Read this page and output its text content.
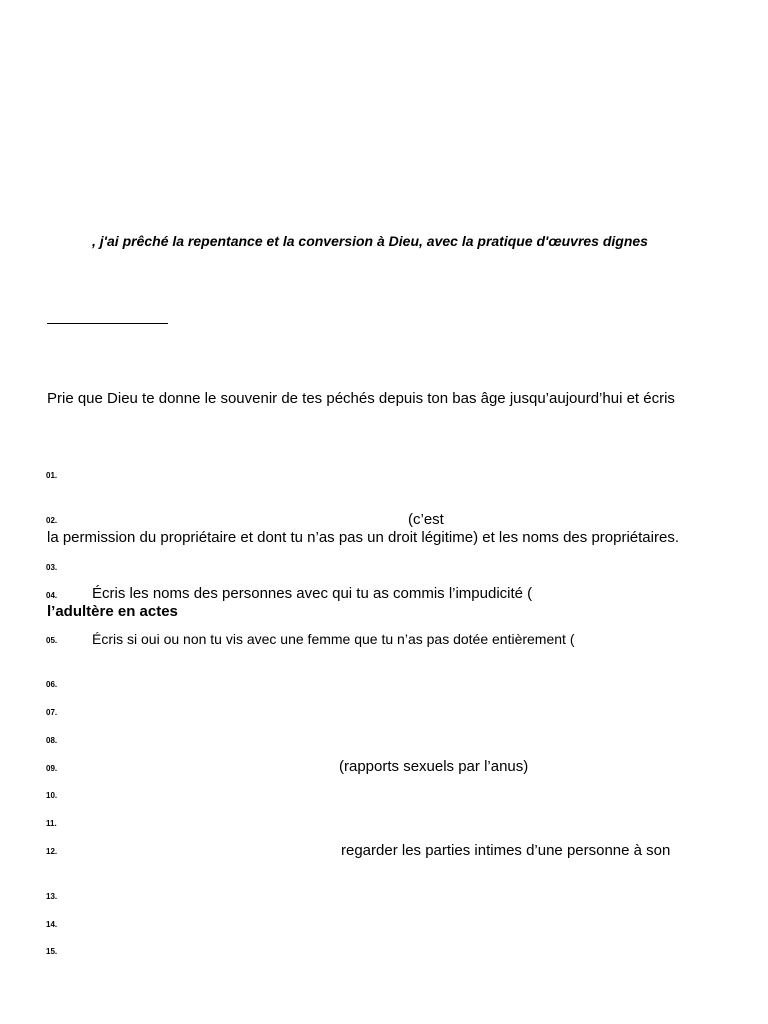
, j'ai prêché la repentance et la conversion à Dieu, avec la pratique d'œuvres dignes
Prie que Dieu te donne le souvenir de tes péchés depuis ton bas âge jusqu’aujourd’hui et écris
01.
02.	(c’est
la permission du propriétaire et dont tu n’as pas un droit légitime) et les noms des propriétaires.
03.
04. Écris les noms des personnes avec qui tu as commis l’impudicité (
l’adultère en actes
05. Écris si oui ou non tu vis avec une femme que tu n’as pas dotée entièrement (
06.
07.
08.
09.	(rapports sexuels par l’anus)
10.
11.
12.	regarder les parties intimes d’une personne à son
13.
14.
15.
